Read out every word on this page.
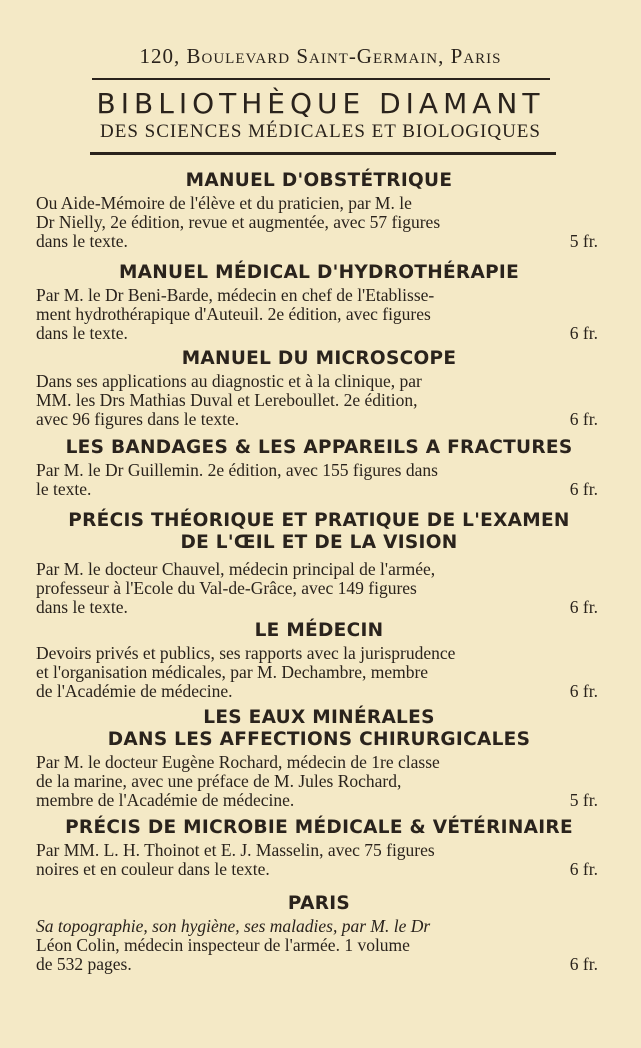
120, Boulevard Saint-Germain, Paris
BIBLIOTHÈQUE DIAMANT
DES SCIENCES MÉDICALES ET BIOLOGIQUES
MANUEL D'OBSTÉTRIQUE
Ou Aide-Mémoire de l'élève et du praticien, par M. le
Dr Nielly, 2e édition, revue et augmentée, avec 57 figures
dans le texte.	5 fr.
MANUEL MÉDICAL D'HYDROTHÉRAPIE
Par M. le Dr Beni-Barde, médecin en chef de l'Etablisse-
ment hydrothérapique d'Auteuil. 2e édition, avec figures
dans le texte.	6 fr.
MANUEL DU MICROSCOPE
Dans ses applications au diagnostic et à la clinique, par
MM. les Drs Mathias Duval et Lereboullet. 2e édition,
avec 96 figures dans le texte.	6 fr.
LES BANDAGES & LES APPAREILS A FRACTURES
Par M. le Dr Guillemin. 2e édition, avec 155 figures dans
le texte.	6 fr.
PRÉCIS THÉORIQUE ET PRATIQUE DE L'EXAMEN
DE L'ŒIL ET DE LA VISION
Par M. le docteur Chauvel, médecin principal de l'armée,
professeur à l'Ecole du Val-de-Grâce, avec 149 figures
dans le texte.	6 fr.
LE MÉDECIN
Devoirs privés et publics, ses rapports avec la jurisprudence
et l'organisation médicales, par M. Dechambre, membre
de l'Académie de médecine.	6 fr.
LES EAUX MINÉRALES
DANS LES AFFECTIONS CHIRURGICALES
Par M. le docteur Eugène Rochard, médecin de 1re classe
de la marine, avec une préface de M. Jules Rochard,
membre de l'Académie de médecine.	5 fr.
PRÉCIS DE MICROBIE MÉDICALE & VÉTÉRINAIRE
Par MM. L. H. Thoinot et E. J. Masselin, avec 75 figures
noires et en couleur dans le texte.	6 fr.
PARIS
Sa topographie, son hygiène, ses maladies, par M. le Dr
Léon Colin, médecin inspecteur de l'armée. 1 volume
de 532 pages.	6 fr.
